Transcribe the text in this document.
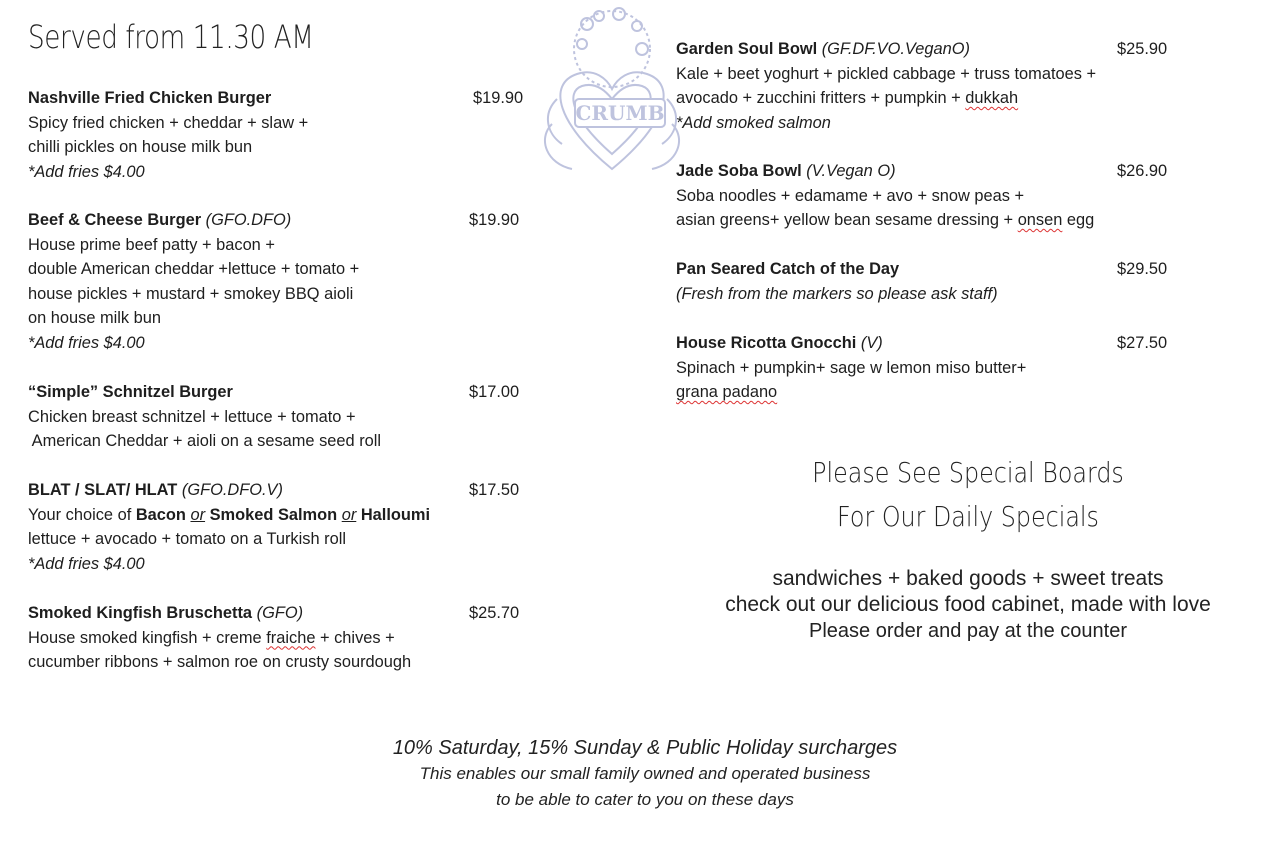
CRUMB
Served from 11.30 AM
Nashville Fried Chicken Burger
Spicy fried chicken + cheddar + slaw +
chilli pickles on house milk bun
*Add fries $4.00
$19.90
Beef & Cheese Burger (GFO.DFO)
House prime beef patty + bacon +
double American cheddar +lettuce + tomato +
house pickles + mustard + smokey BBQ aioli
on house milk bun
*Add fries $4.00
$19.90
“Simple” Schnitzel Burger
Chicken breast schnitzel + lettuce + tomato +
American Cheddar + aioli on a sesame seed roll
$17.00
BLAT / SLAT/ HLAT (GFO.DFO.V)
Your choice of Bacon or Smoked Salmon or Halloumi
lettuce + avocado + tomato on a Turkish roll
*Add fries $4.00
$17.50
Smoked Kingfish Bruschetta (GFO)
House smoked kingfish + creme fraiche + chives +
cucumber ribbons + salmon roe on crusty sourdough
$25.70
Garden Soul Bowl (GF.DF.VO.VeganO)
Kale + beet yoghurt + pickled cabbage + truss tomatoes +
avocado + zucchini fritters + pumpkin + dukkah
*Add smoked salmon
$25.90
Jade Soba Bowl (V.Vegan O)
Soba noodles + edamame + avo + snow peas +
asian greens+ yellow bean sesame dressing + onsen egg
$26.90
Pan Seared Catch of the Day
(Fresh from the markers so please ask staff)
$29.50
House Ricotta Gnocchi (V)
Spinach + pumpkin+ sage w lemon miso butter+
grana padano
$27.50
Please See Special Boards
For Our Daily Specials
sandwiches + baked goods + sweet treats
check out our delicious food cabinet, made with love
Please order and pay at the counter
10% Saturday, 15% Sunday & Public Holiday surcharges
This enables our small family owned and operated business
to be able to cater to you on these days
